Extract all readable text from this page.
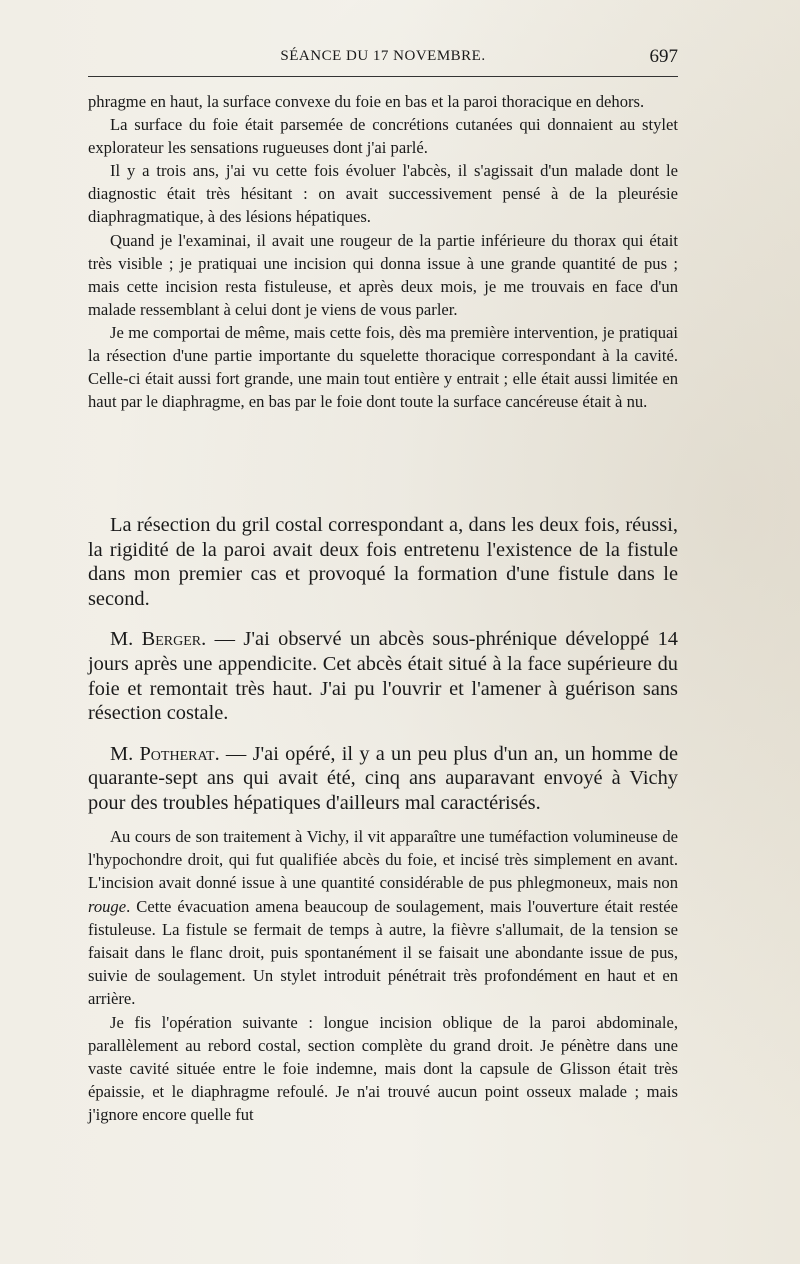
SÉANCE DU 17 NOVEMBRE.	697

phragme en haut, la surface convexe du foie en bas et la paroi thoracique en dehors.

La surface du foie était parsemée de concrétions cutanées qui donnaient au stylet explorateur les sensations rugueuses dont j'ai parlé.

Il y a trois ans, j'ai vu cette fois évoluer l'abcès, il s'agissait d'un malade dont le diagnostic était très hésitant : on avait successivement pensé à de la pleurésie diaphragmatique, à des lésions hépatiques.

Quand je l'examinai, il avait une rougeur de la partie inférieure du thorax qui était très visible ; je pratiquai une incision qui donna issue à une grande quantité de pus ; mais cette incision resta fistuleuse, et après deux mois, je me trouvais en face d'un malade ressemblant à celui dont je viens de vous parler.

Je me comportai de même, mais cette fois, dès ma première intervention, je pratiquai la résection d'une partie importante du squelette thoracique correspondant à la cavité. Celle-ci était aussi fort grande, une main tout entière y entrait ; elle était aussi limitée en haut par le diaphragme, en bas par le foie dont toute la surface cancéreuse était à nu.

La résection du gril costal correspondant a, dans les deux fois, réussi, la rigidité de la paroi avait deux fois entretenu l'existence de la fistule dans mon premier cas et provoqué la formation d'une fistule dans le second.

M. Berger. — J'ai observé un abcès sous-phrénique développé 14 jours après une appendicite. Cet abcès était situé à la face supérieure du foie et remontait très haut. J'ai pu l'ouvrir et l'amener à guérison sans résection costale.

M. Potherat. — J'ai opéré, il y a un peu plus d'un an, un homme de quarante-sept ans qui avait été, cinq ans auparavant envoyé à Vichy pour des troubles hépatiques d'ailleurs mal caractérisés.

Au cours de son traitement à Vichy, il vit apparaître une tuméfaction volumineuse de l'hypochondre droit, qui fut qualifiée abcès du foie, et incisé très simplement en avant. L'incision avait donné issue à une quantité considérable de pus phlegmoneux, mais non rouge. Cette évacuation amena beaucoup de soulagement, mais l'ouverture était restée fistuleuse. La fistule se fermait de temps à autre, la fièvre s'allumait, de la tension se faisait dans le flanc droit, puis spontanément il se faisait une abondante issue de pus, suivie de soulagement. Un stylet introduit pénétrait très profondément en haut et en arrière.

Je fis l'opération suivante : longue incision oblique de la paroi abdominale, parallèlement au rebord costal, section complète du grand droit. Je pénètre dans une vaste cavité située entre le foie indemne, mais dont la capsule de Glisson était très épaissie, et le diaphragme refoulé. Je n'ai trouvé aucun point osseux malade ; mais j'ignore encore quelle fut
